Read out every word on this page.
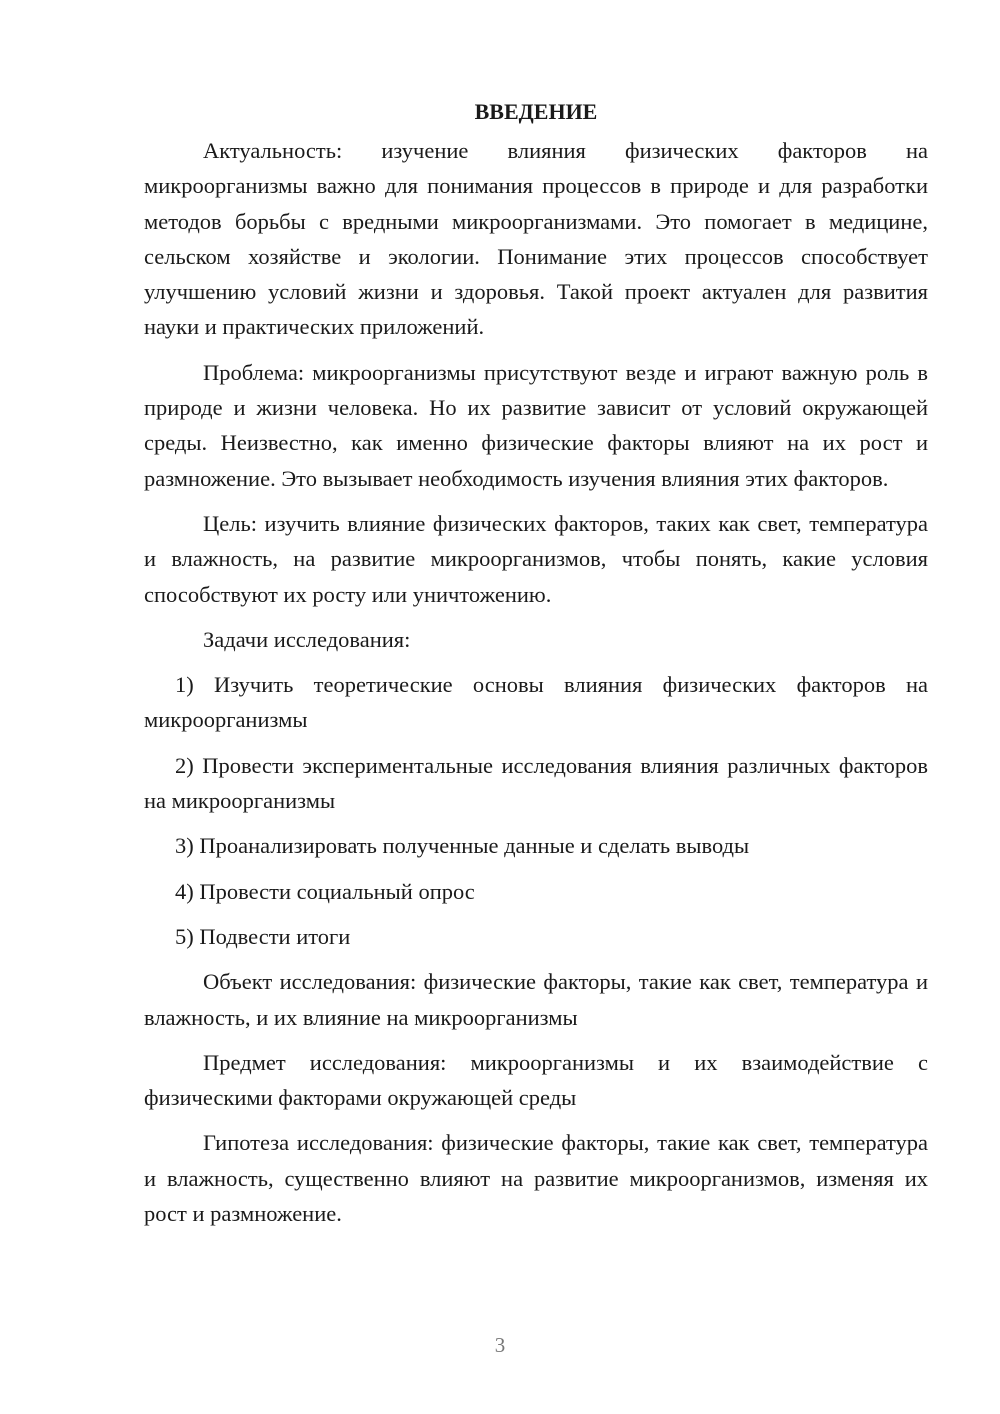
ВВЕДЕНИЕ

Актуальность: изучение влияния физических факторов на микроорганизмы важно для понимания процессов в природе и для разработки методов борьбы с вредными микроорганизмами. Это помогает в медицине, сельском хозяйстве и экологии. Понимание этих процессов способствует улучшению условий жизни и здоровья. Такой проект актуален для развития науки и практических приложений.

Проблема: микроорганизмы присутствуют везде и играют важную роль в природе и жизни человека. Но их развитие зависит от условий окружающей среды. Неизвестно, как именно физические факторы влияют на их рост и размножение. Это вызывает необходимость изучения влияния этих факторов.

Цель: изучить влияние физических факторов, таких как свет, температура и влажность, на развитие микроорганизмов, чтобы понять, какие условия способствуют их росту или уничтожению.

Задачи исследования:

1) Изучить теоретические основы влияния физических факторов на микроорганизмы

2) Провести экспериментальные исследования влияния различных факторов на микроорганизмы

3) Проанализировать полученные данные и сделать выводы

4) Провести социальный опрос

5) Подвести итоги

Объект исследования: физические факторы, такие как свет, температура и влажность, и их влияние на микроорганизмы

Предмет исследования: микроорганизмы и их взаимодействие с физическими факторами окружающей среды

Гипотеза исследования: физические факторы, такие как свет, температура и влажность, существенно влияют на развитие микроорганизмов, изменяя их рост и размножение.

3
